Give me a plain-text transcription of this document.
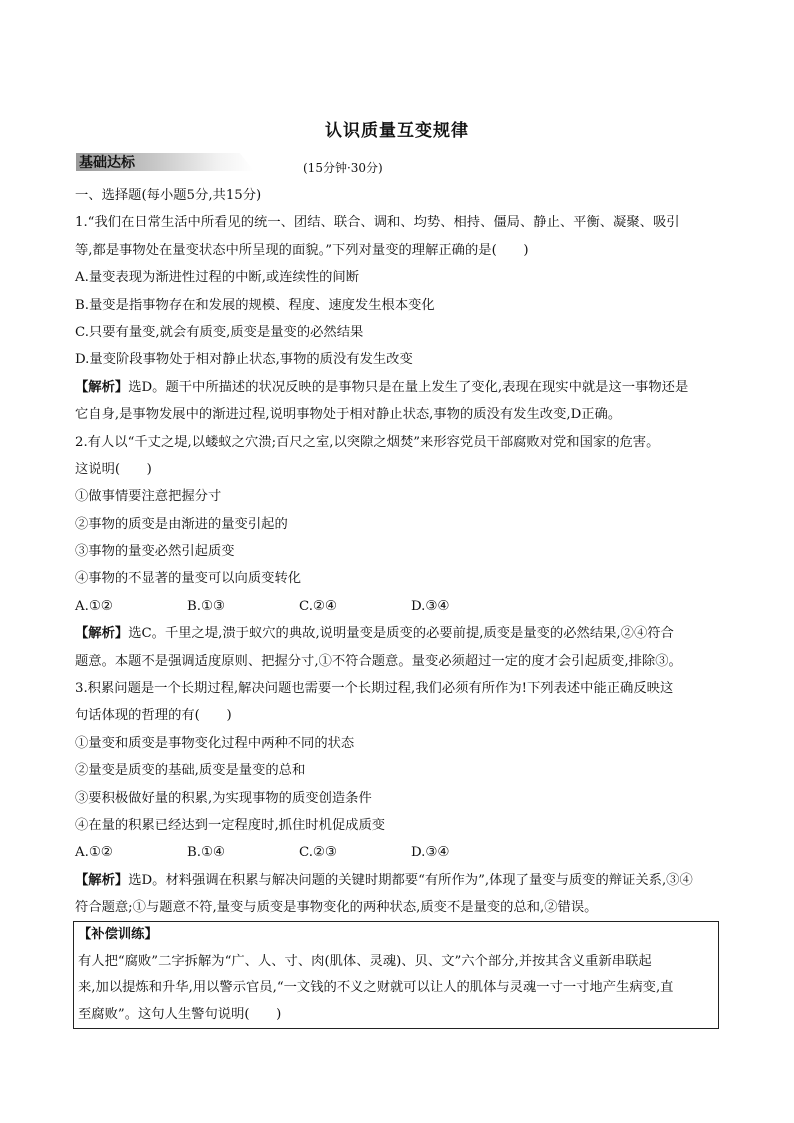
认识质量互变规律
基础达标	(15分钟·30分)
一、选择题(每小题5分,共15分)
1.“我们在日常生活中所看见的统一、团结、联合、调和、均势、相持、僵局、静止、平衡、凝聚、吸引
等,都是事物处在量变状态中所呈现的面貌。”下列对量变的理解正确的是(　　)
A.量变表现为渐进性过程的中断,或连续性的间断
B.量变是指事物存在和发展的规模、程度、速度发生根本变化
C.只要有量变,就会有质变,质变是量变的必然结果
D.量变阶段事物处于相对静止状态,事物的质没有发生改变
【解析】选D。题干中所描述的状况反映的是事物只是在量上发生了变化,表现在现实中就是这一事物还是
它自身,是事物发展中的渐进过程,说明事物处于相对静止状态,事物的质没有发生改变,D正确。
2.有人以“千丈之堤,以蝼蚁之穴溃;百尺之室,以突隙之烟焚”来形容党员干部腐败对党和国家的危害。
这说明(　　)
①做事情要注意把握分寸
②事物的质变是由渐进的量变引起的
③事物的量变必然引起质变
④事物的不显著的量变可以向质变转化
A.①②	B.①③	C.②④	D.③④
【解析】选C。千里之堤,溃于蚁穴的典故,说明量变是质变的必要前提,质变是量变的必然结果,②④符合
题意。本题不是强调适度原则、把握分寸,①不符合题意。量变必须超过一定的度才会引起质变,排除③。
3.积累问题是一个长期过程,解决问题也需要一个长期过程,我们必须有所作为!下列表述中能正确反映这
句话体现的哲理的有(　　)
①量变和质变是事物变化过程中两种不同的状态
②量变是质变的基础,质变是量变的总和
③要积极做好量的积累,为实现事物的质变创造条件
④在量的积累已经达到一定程度时,抓住时机促成质变
A.①②	B.①④	C.②③	D.③④
【解析】选D。材料强调在积累与解决问题的关键时期都要“有所作为”,体现了量变与质变的辩证关系,③④
符合题意;①与题意不符,量变与质变是事物变化的两种状态,质变不是量变的总和,②错误。
【补偿训练】
有人把“腐败”二字拆解为“广、人、寸、肉(肌体、灵魂)、贝、文”六个部分,并按其含义重新串联起
来,加以提炼和升华,用以警示官员,“一文钱的不义之财就可以让人的肌体与灵魂一寸一寸地产生病变,直
至腐败”。这句人生警句说明(　　)
